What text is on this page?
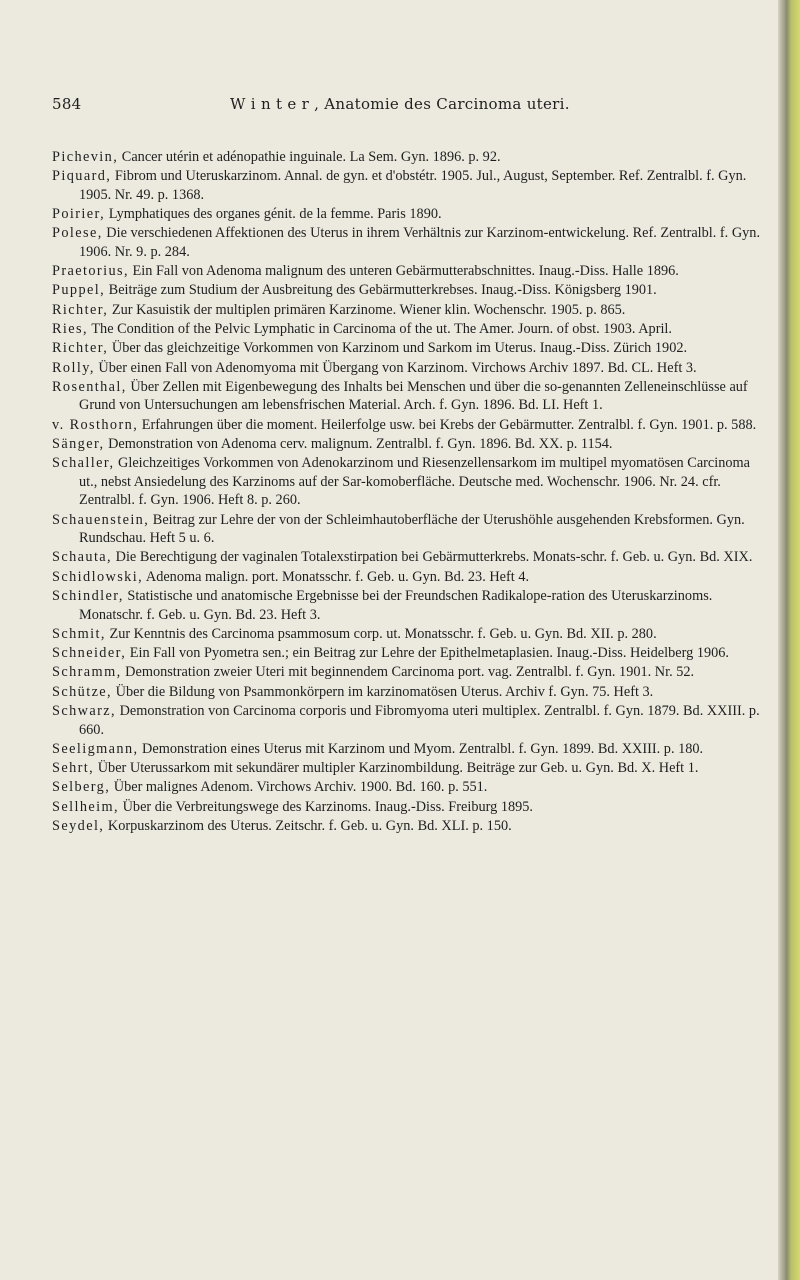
584	W i n t e r , Anatomie des Carcinoma uteri.

Pichevin, Cancer utérin et adénopathie inguinale. La Sem. Gyn. 1896. p. 92.

Piquard, Fibrom und Uteruskarzinom. Annal. de gyn. et d'obstétr. 1905. Jul., August, September. Ref. Zentralbl. f. Gyn. 1905. Nr. 49. p. 1368.

Poirier, Lymphatiques des organes génit. de la femme. Paris 1890.

Polese, Die verschiedenen Affektionen des Uterus in ihrem Verhältnis zur Karzinom-entwickelung. Ref. Zentralbl. f. Gyn. 1906. Nr. 9. p. 284.

Praetorius, Ein Fall von Adenoma malignum des unteren Gebärmutterabschnittes. Inaug.-Diss. Halle 1896.

Puppel, Beiträge zum Studium der Ausbreitung des Gebärmutterkrebses. Inaug.-Diss. Königsberg 1901.

Richter, Zur Kasuistik der multiplen primären Karzinome. Wiener klin. Wochenschr. 1905. p. 865.

Ries, The Condition of the Pelvic Lymphatic in Carcinoma of the ut. The Amer. Journ. of obst. 1903. April.

Richter, Über das gleichzeitige Vorkommen von Karzinom und Sarkom im Uterus. Inaug.-Diss. Zürich 1902.

Rolly, Über einen Fall von Adenomyoma mit Übergang von Karzinom. Virchows Archiv 1897. Bd. CL. Heft 3.

Rosenthal, Über Zellen mit Eigenbewegung des Inhalts bei Menschen und über die so-genannten Zelleneinschlüsse auf Grund von Untersuchungen am lebensfrischen Material. Arch. f. Gyn. 1896. Bd. LI. Heft 1.

v. Rosthorn, Erfahrungen über die moment. Heilerfolge usw. bei Krebs der Gebärmutter. Zentralbl. f. Gyn. 1901. p. 588.

Sänger, Demonstration von Adenoma cerv. malignum. Zentralbl. f. Gyn. 1896. Bd. XX. p. 1154.

Schaller, Gleichzeitiges Vorkommen von Adenokarzinom und Riesenzellensarkom im multipel myomatösen Carcinoma ut., nebst Ansiedelung des Karzinoms auf der Sar-komoberfläche. Deutsche med. Wochenschr. 1906. Nr. 24. cfr. Zentralbl. f. Gyn. 1906. Heft 8. p. 260.

Schauenstein, Beitrag zur Lehre der von der Schleimhautoberfläche der Uterushöhle ausgehenden Krebsformen. Gyn. Rundschau. Heft 5 u. 6.

Schauta, Die Berechtigung der vaginalen Totalexstirpation bei Gebärmutterkrebs. Monats-schr. f. Geb. u. Gyn. Bd. XIX.

Schidlowski, Adenoma malign. port. Monatsschr. f. Geb. u. Gyn. Bd. 23. Heft 4.

Schindler, Statistische und anatomische Ergebnisse bei der Freundschen Radikalope-ration des Uteruskarzinoms. Monatschr. f. Geb. u. Gyn. Bd. 23. Heft 3.

Schmit, Zur Kenntnis des Carcinoma psammosum corp. ut. Monatsschr. f. Geb. u. Gyn. Bd. XII. p. 280.

Schneider, Ein Fall von Pyometra sen.; ein Beitrag zur Lehre der Epithelmetaplasien. Inaug.-Diss. Heidelberg 1906.

Schramm, Demonstration zweier Uteri mit beginnendem Carcinoma port. vag. Zentralbl. f. Gyn. 1901. Nr. 52.

Schütze, Über die Bildung von Psammonkörpern im karzinomatösen Uterus. Archiv f. Gyn. 75. Heft 3.

Schwarz, Demonstration von Carcinoma corporis und Fibromyoma uteri multiplex. Zentralbl. f. Gyn. 1879. Bd. XXIII. p. 660.

Seeligmann, Demonstration eines Uterus mit Karzinom und Myom. Zentralbl. f. Gyn. 1899. Bd. XXIII. p. 180.

Sehrt, Über Uterussarkom mit sekundärer multipler Karzinombildung. Beiträge zur Geb. u. Gyn. Bd. X. Heft 1.

Selberg, Über malignes Adenom. Virchows Archiv. 1900. Bd. 160. p. 551.

Sellheim, Über die Verbreitungswege des Karzinoms. Inaug.-Diss. Freiburg 1895.

Seydel, Korpuskarzinom des Uterus. Zeitschr. f. Geb. u. Gyn. Bd. XLI. p. 150.
